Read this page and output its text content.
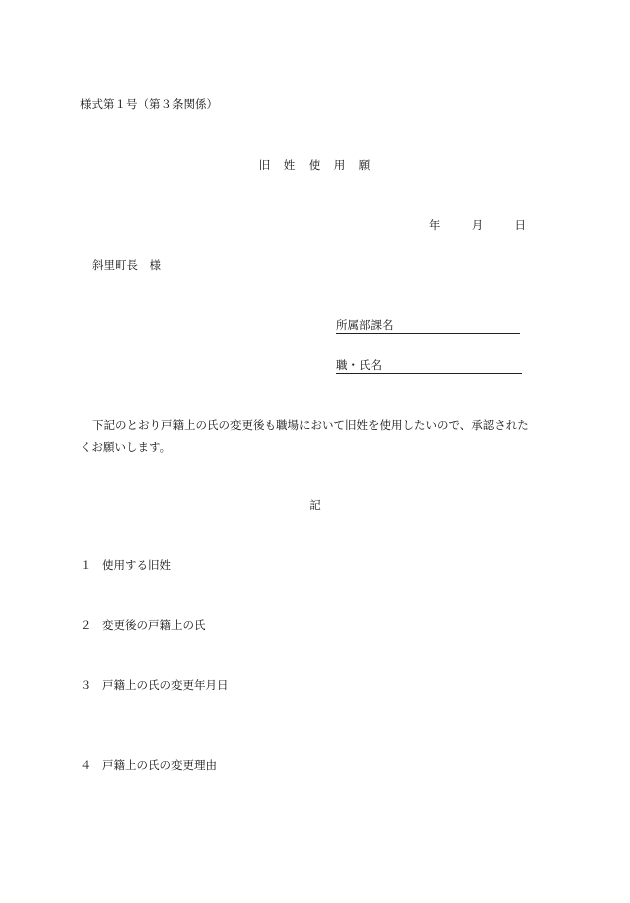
様式第１号（第３条関係）
旧　姓　使　用　願
年	月	日
斜里町長　様
所属部課名
職・氏名

下記のとおり戸籍上の氏の変更後も職場において旧姓を使用したいので、承認されたくお願いします。

記
１ 使用する旧姓
２ 変更後の戸籍上の氏
３ 戸籍上の氏の変更年月日
４ 戸籍上の氏の変更理由
